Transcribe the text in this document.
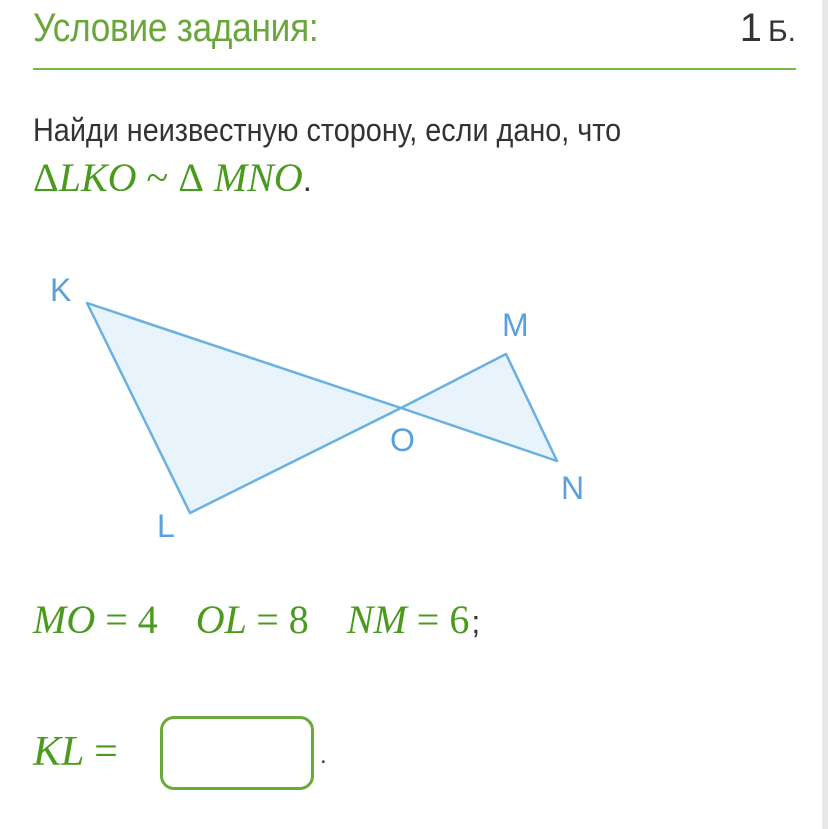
Условие задания:	1 Б.
Найди неизвестную сторону, если дано, что
ΔLKO ~ Δ MNO.
K
M
O
N
L
MO = 4 OL = 8 NM = 6;
KL =	.
